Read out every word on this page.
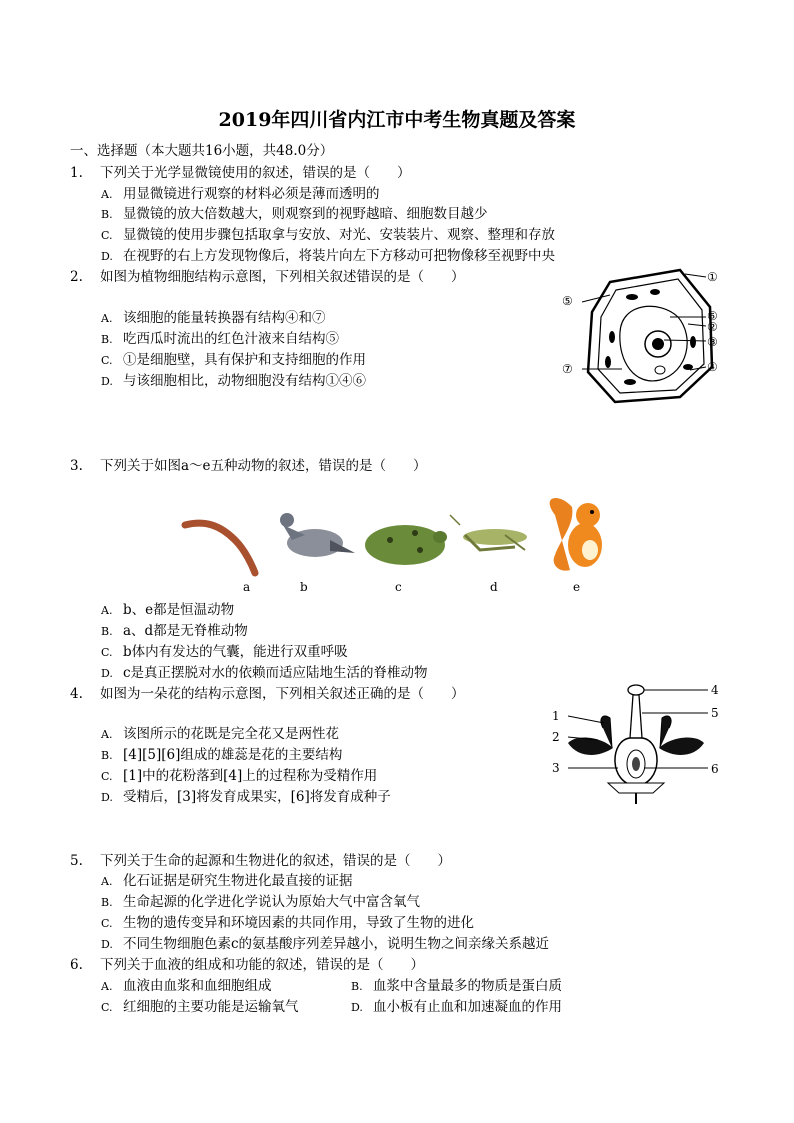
2019年四川省内江市中考生物真题及答案
一、选择题（本大题共16小题，共48.0分）
1. 下列关于光学显微镜使用的叙述，错误的是（　　）
A. 用显微镜进行观察的材料必须是薄而透明的
B. 显微镜的放大倍数越大，则观察到的视野越暗、细胞数目越少
C. 显微镜的使用步骤包括取拿与安放、对光、安装装片、观察、整理和存放
D. 在视野的右上方发现物像后，将装片向左下方移动可把物像移至视野中央
2. 如图为植物细胞结构示意图，下列相关叙述错误的是（　　）
A. 该细胞的能量转换器有结构④和⑦
B. 吃西瓜时流出的红色汁液来自结构⑤
C. ①是细胞壁，具有保护和支持细胞的作用
D. 与该细胞相比，动物细胞没有结构①④⑥
①
⑤
⑥
②
③
⑦	④
3. 下列关于如图a～e五种动物的叙述，错误的是（　　）
a	b	c	d	e
A. b、e都是恒温动物
B. a、d都是无脊椎动物
C. b体内有发达的气囊，能进行双重呼吸
D. c是真正摆脱对水的依赖而适应陆地生活的脊椎动物
4. 如图为一朵花的结构示意图，下列相关叙述正确的是（　　）
A. 该图所示的花既是完全花又是两性花
B. [4][5][6]组成的雄蕊是花的主要结构
C. [1]中的花粉落到[4]上的过程称为受精作用
D. 受精后，[3]将发育成果实，[6]将发育成种子
4
5
6
1
2
3
5. 下列关于生命的起源和生物进化的叙述，错误的是（　　）
A. 化石证据是研究生物进化最直接的证据
B. 生命起源的化学进化学说认为原始大气中富含氧气
C. 生物的遗传变异和环境因素的共同作用，导致了生物的进化
D. 不同生物细胞色素c的氨基酸序列差异越小，说明生物之间亲缘关系越近
6. 下列关于血液的组成和功能的叙述，错误的是（　　）
A. 血液由血浆和血细胞组成	B. 血浆中含量最多的物质是蛋白质
C. 红细胞的主要功能是运输氧气	D. 血小板有止血和加速凝血的作用
